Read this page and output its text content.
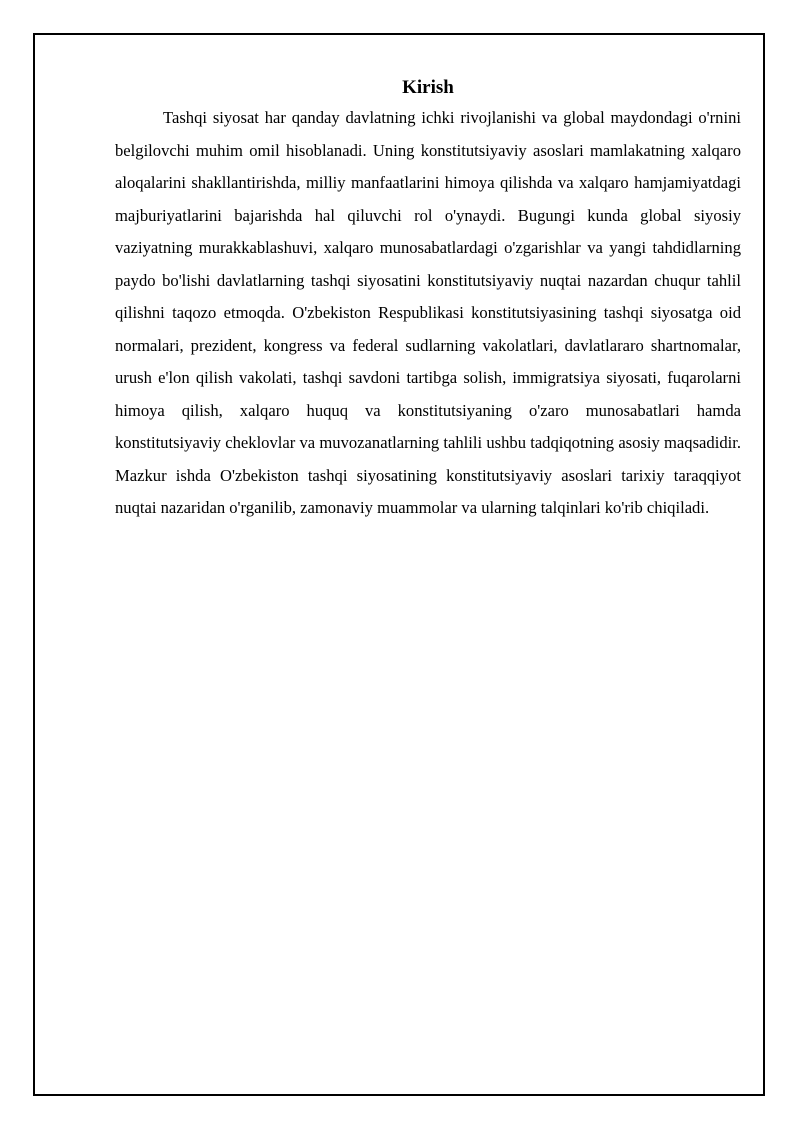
Kirish

Tashqi siyosat har qanday davlatning ichki rivojlanishi va global maydondagi o'rnini belgilovchi muhim omil hisoblanadi. Uning konstitutsiyaviy asoslari mamlakatning xalqaro aloqalarini shakllantirishda, milliy manfaatlarini himoya qilishda va xalqaro hamjamiyatdagi majburiyatlarini bajarishda hal qiluvchi rol o'ynaydi. Bugungi kunda global siyosiy vaziyatning murakkablashuvi, xalqaro munosabatlardagi o'zgarishlar va yangi tahdidlarning paydo bo'lishi davlatlarning tashqi siyosatini konstitutsiyaviy nuqtai nazardan chuqur tahlil qilishni taqozo etmoqda. O'zbekiston Respublikasi konstitutsiyasining tashqi siyosatga oid normalari, prezident, kongress va federal sudlarning vakolatlari, davlatlararo shartnomalar, urush e'lon qilish vakolati, tashqi savdoni tartibga solish, immigratsiya siyosati, fuqarolarni himoya qilish, xalqaro huquq va konstitutsiyaning o'zaro munosabatlari hamda konstitutsiyaviy cheklovlar va muvozanatlarning tahlili ushbu tadqiqotning asosiy maqsadidir. Mazkur ishda O'zbekiston tashqi siyosatining konstitutsiyaviy asoslari tarixiy taraqqiyot nuqtai nazaridan o'rganilib, zamonaviy muammolar va ularning talqinlari ko'rib chiqiladi.
